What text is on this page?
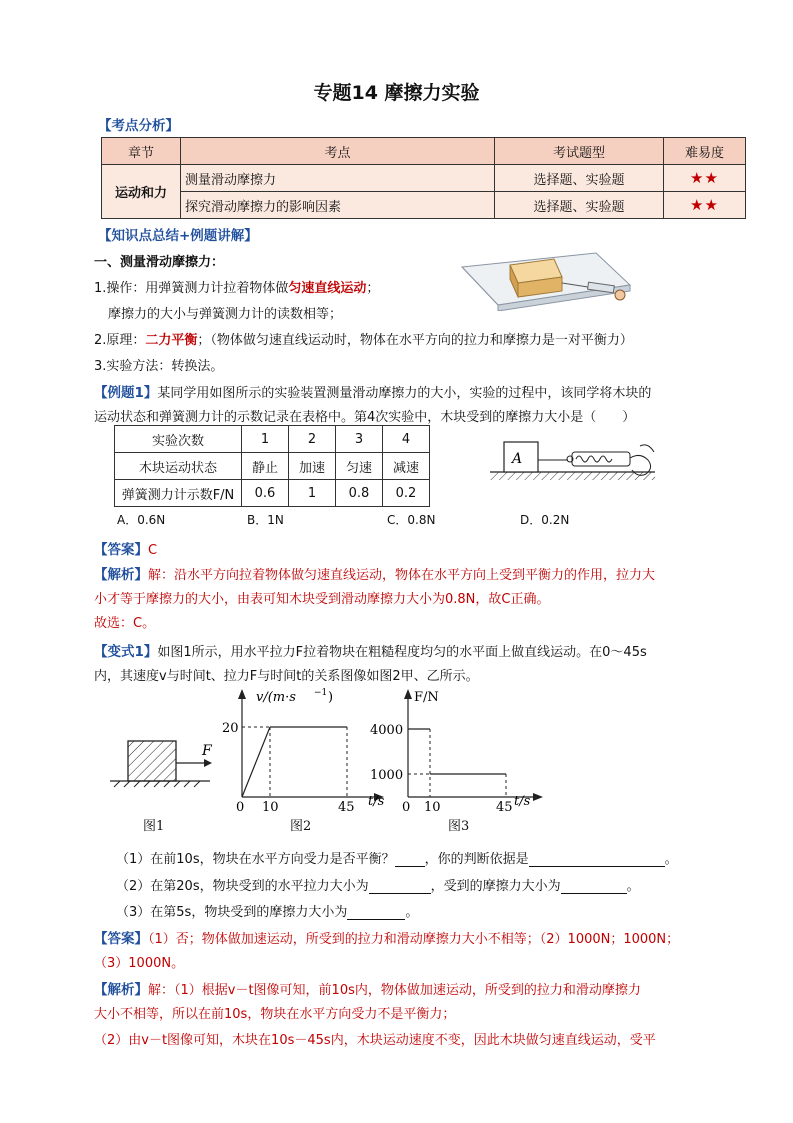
专题14 摩擦力实验
【考点分析】
章节	考点	考试题型	难易度
运动和力	测量滑动摩擦力	选择题、实验题	★★
	探究滑动摩擦力的影响因素	选择题、实验题	★★
【知识点总结+例题讲解】
一、测量滑动摩擦力：
1.操作：用弹簧测力计拉着物体做匀速直线运动；
摩擦力的大小与弹簧测力计的读数相等；
2.原理：二力平衡；（物体做匀速直线运动时，物体在水平方向的拉力和摩擦力是一对平衡力）
3.实验方法：转换法。
【例题1】某同学用如图所示的实验装置测量滑动摩擦力的大小，实验的过程中，该同学将木块的
运动状态和弹簧测力计的示数记录在表格中。第4次实验中，木块受到的摩擦力大小是（　　）
实验次数	1	2	3	4
木块运动状态	静止	加速	匀速	减速
弹簧测力计示数F/N	0.6	1	0.8	0.2
A
A．0.6N	B．1N	C．0.8N	D．0.2N
【答案】C
【解析】解：沿水平方向拉着物体做匀速直线运动，物体在水平方向上受到平衡力的作用，拉力大
小才等于摩擦力的大小，由表可知木块受到滑动摩擦力大小为0.8N，故C正确。
故选：C。
【变式1】如图1所示，用水平拉力F拉着物块在粗糙程度均匀的水平面上做直线运动。在0～45s
内，其速度v与时间t、拉力F与时间t的关系图像如图2甲、乙所示。
F
v/(m·s −1 )
20
0 10	45 t/s
F/N
4000
1000
0 10	45 t/s
图1	图2	图3
（1）在前10s，物块在水平方向受力是否平衡？ ，你的判断依据是	。
（2）在第20s，物块受到的水平拉力大小为	，受到的摩擦力大小为	。
（3）在第5s，物块受到的摩擦力大小为	。
【答案】（1）否；物体做加速运动，所受到的拉力和滑动摩擦力大小不相等；（2）1000N；1000N；
（3）1000N。
【解析】解：（1）根据v－t图像可知，前10s内，物体做加速运动，所受到的拉力和滑动摩擦力
大小不相等，所以在前10s，物块在水平方向受力不是平衡力；
（2）由v－t图像可知，木块在10s－45s内，木块运动速度不变，因此木块做匀速直线运动，受平
